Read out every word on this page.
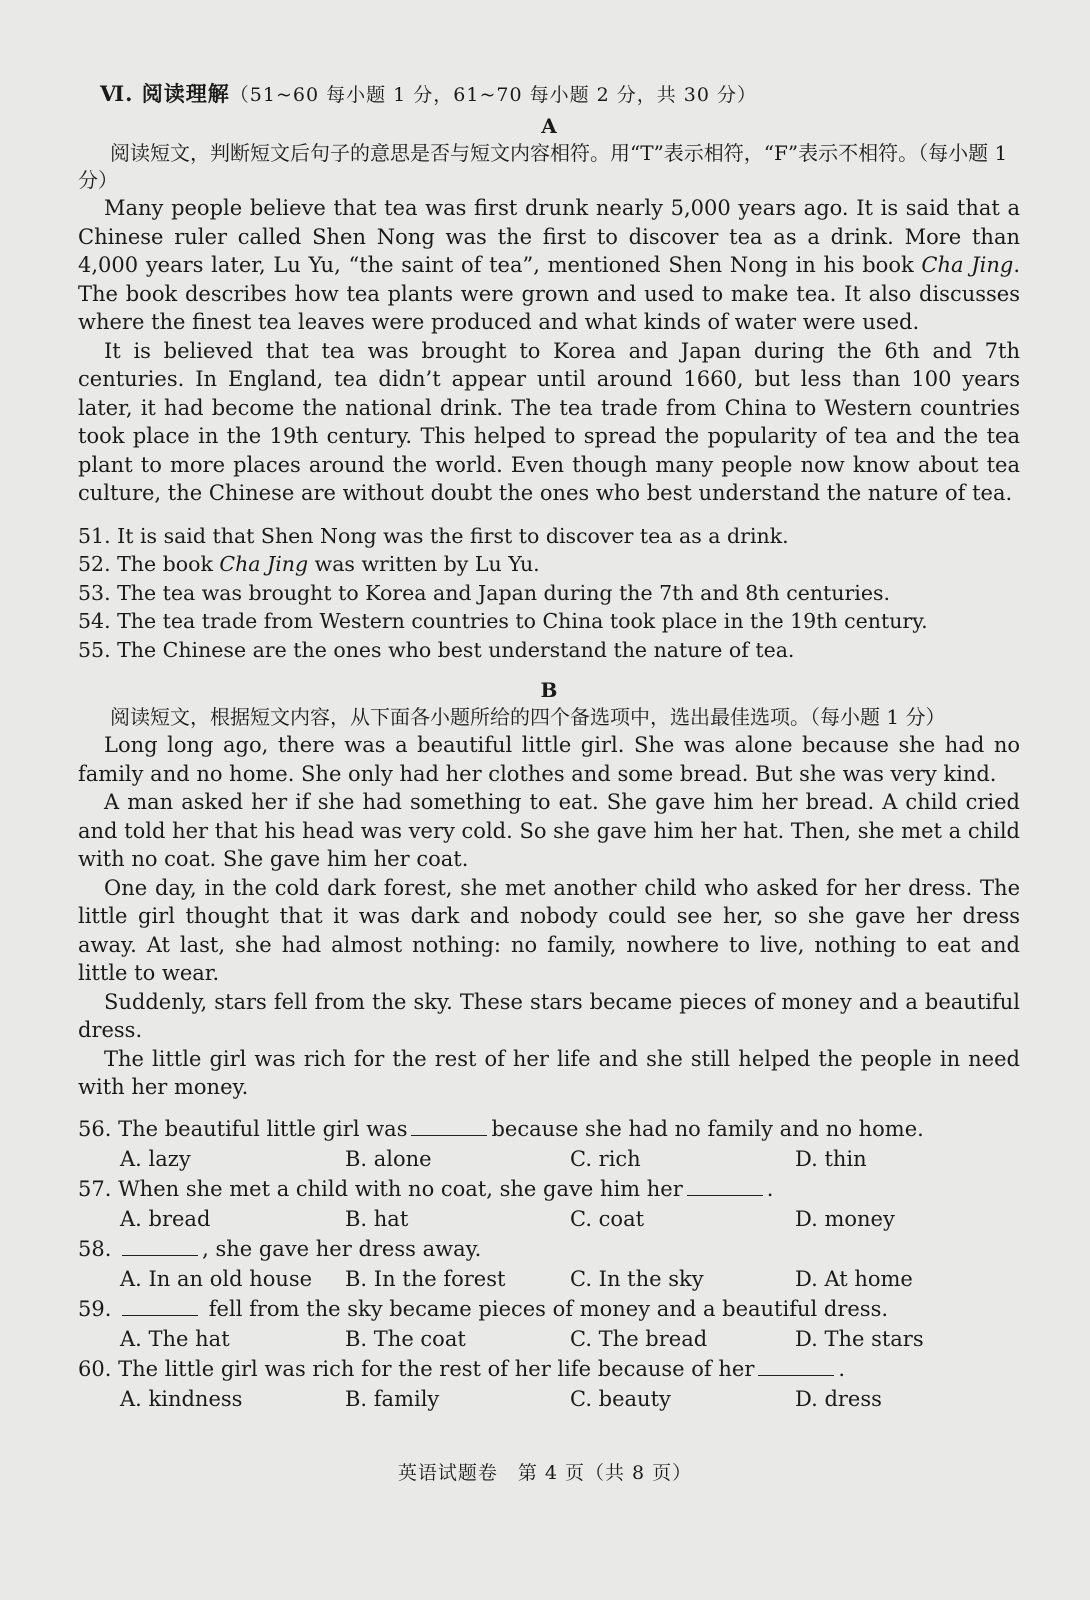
Ⅵ. 阅读理解（51~60 每小题 1 分，61~70 每小题 2 分，共 30 分）
A

阅读短文，判断短文后句子的意思是否与短文内容相符。用“T”表示相符，“F”表示不相符。（每小题 1 分）

Many people believe that tea was first drunk nearly 5,000 years ago. It is said that a Chinese ruler called Shen Nong was the first to discover tea as a drink. More than 4,000 years later, Lu Yu, “the saint of tea”, mentioned Shen Nong in his book Cha Jing. The book describes how tea plants were grown and used to make tea. It also discusses where the finest tea leaves were produced and what kinds of water were used.

It is believed that tea was brought to Korea and Japan during the 6th and 7th centuries. In England, tea didn’t appear until around 1660, but less than 100 years later, it had become the national drink. The tea trade from China to Western countries took place in the 19th century. This helped to spread the popularity of tea and the tea plant to more places around the world. Even though many people now know about tea culture, the Chinese are without doubt the ones who best understand the nature of tea.

51. It is said that Shen Nong was the first to discover tea as a drink.

52. The book Cha Jing was written by Lu Yu.

53. The tea was brought to Korea and Japan during the 7th and 8th centuries.

54. The tea trade from Western countries to China took place in the 19th century.

55. The Chinese are the ones who best understand the nature of tea.

B

阅读短文，根据短文内容，从下面各小题所给的四个备选项中，选出最佳选项。（每小题 1 分）

Long long ago, there was a beautiful little girl. She was alone because she had no family and no home. She only had her clothes and some bread. But she was very kind.

A man asked her if she had something to eat. She gave him her bread. A child cried and told her that his head was very cold. So she gave him her hat. Then, she met a child with no coat. She gave him her coat.

One day, in the cold dark forest, she met another child who asked for her dress. The little girl thought that it was dark and nobody could see her, so she gave her dress away. At last, she had almost nothing: no family, nowhere to live, nothing to eat and little to wear.

Suddenly, stars fell from the sky. These stars became pieces of money and a beautiful dress.

The little girl was rich for the rest of her life and she still helped the people in need with her money.

56. The beautiful little girl was	because she had no family and no home.

A. lazy	B. alone	C. rich	D. thin

57. When she met a child with no coat, she gave him her	.

A. bread	B. hat	C. coat	D. money

58.	, she gave her dress away.

A. In an old house	B. In the forest	C. In the sky	D. At home

59.	fell from the sky became pieces of money and a beautiful dress.

A. The hat	B. The coat	C. The bread	D. The stars

60. The little girl was rich for the rest of her life because of her	.

A. kindness	B. family	C. beauty	D. dress
英语试题卷　第 4 页（共 8 页）
